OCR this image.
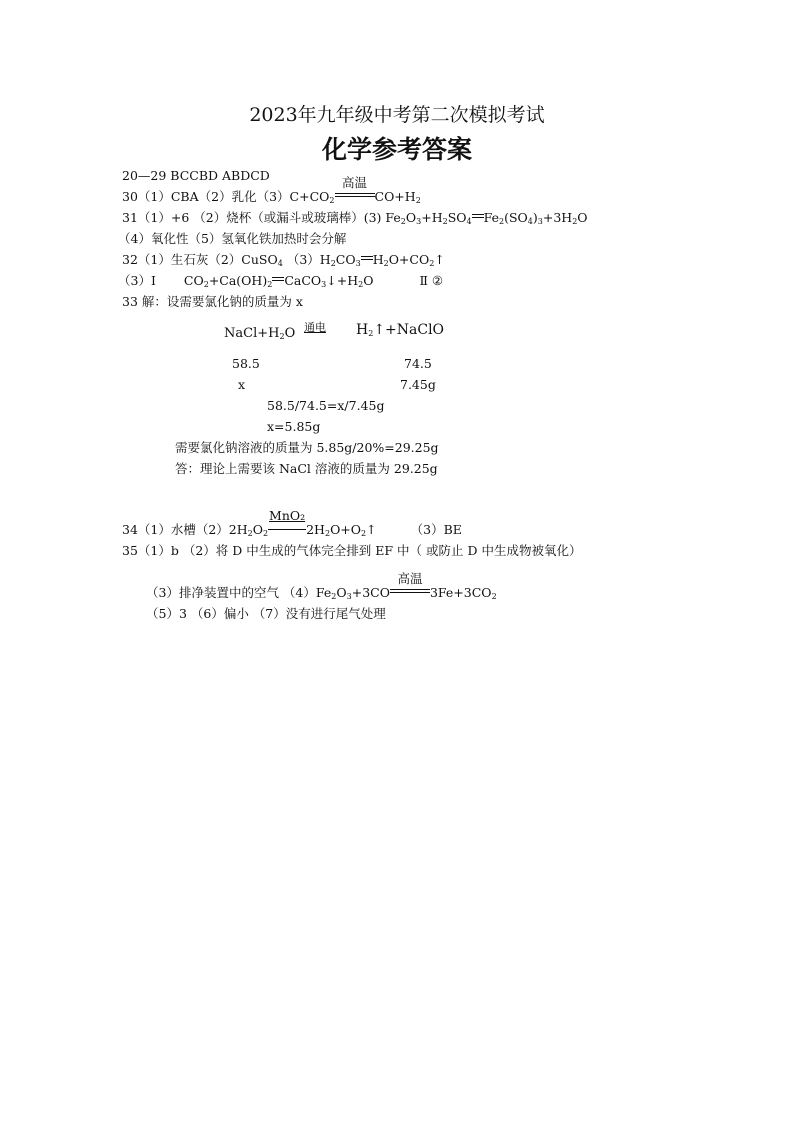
2023年九年级中考第二次模拟考试
化学参考答案
20—29 BCCBD ABDCD
30（1）CBA（2）乳化$(3)C+CO_2$
高温
$CO+H_2$
31（1）+6 （2）烧杯（或漏斗或玻璃棒）(3) $Fe_2O_3+H_2SO_4$ $Fe_2(SO_4)_3+3H_2O$
（4）氧化性（5）氢氧化铁加热时会分解
32（1）生石灰（2）CuSO$_4$ $(3)H_2CO_3$ $H_2O+CO_2↑$
（3）Ⅰ $CO_2+Ca(OH)_2$ $CaCO_3↓+H_2O$	Ⅱ ②
33 解：设需要氯化钠的质量为 x
$NaCl+H_2O$ 通电 $H_2↑+NaClO$
58.5	74.5
x	7.45g
58.5/74.5=x/7.45g
x=5.85g
需要氯化钠溶液的质量为 5.85g/20%=29.25g
答：理论上需要该 NaCl 溶液的质量为 29.25g
34（1）水槽$(2)2H_2O_2$
MnO₂
$2H_2O+O_2↑$	（3）BE
35（1）b （2）将 D 中生成的气体完全排到 EF 中（ 或防止 D 中生成物被氧化）
（3）排净装置中的空气 $(4)Fe_2O_3+3CO$
高温
$3Fe+3CO_2$
（5）3 （6）偏小 （7）没有进行尾气处理
